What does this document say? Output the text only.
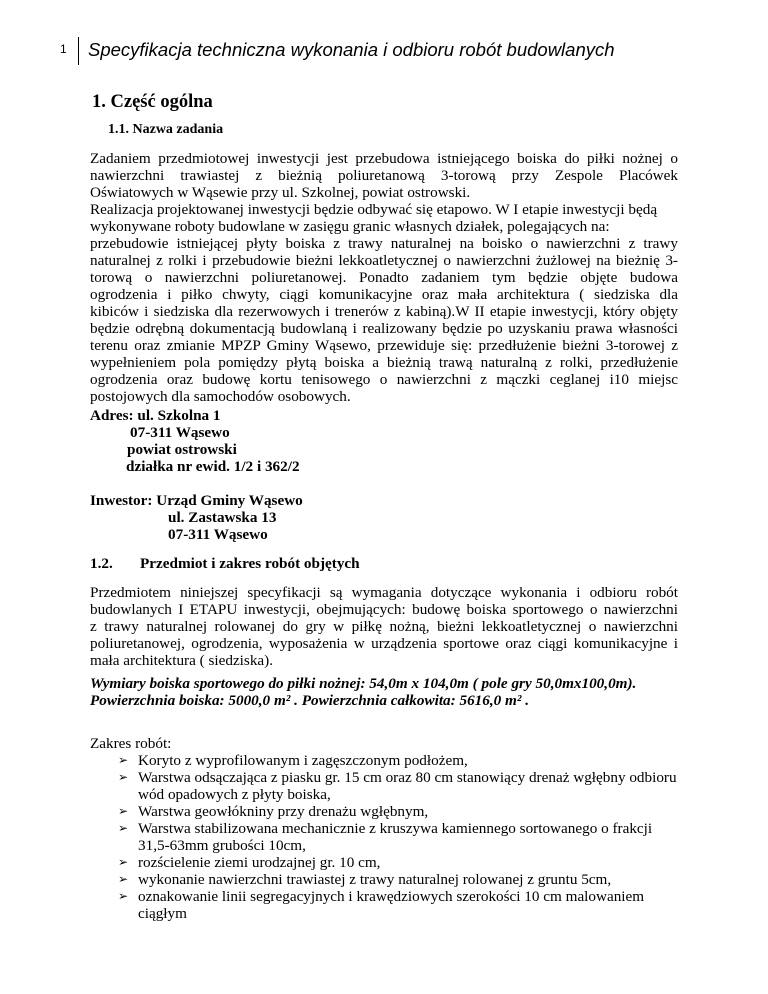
1 Specyfikacja techniczna wykonania i odbioru robót budowlanych
1. Część ogólna
1.1. Nazwa zadania
Zadaniem przedmiotowej inwestycji jest przebudowa istniejącego boiska do piłki nożnej o
nawierzchni trawiastej z bieżnią poliuretanową 3-torową przy Zespole Placówek
Oświatowych w Wąsewie przy ul. Szkolnej, powiat ostrowski.
Realizacja projektowanej inwestycji będzie odbywać się etapowo. W I etapie inwestycji będą
wykonywane roboty budowlane w zasięgu granic własnych działek, polegających na:
przebudowie istniejącej płyty boiska z trawy naturalnej na boisko o nawierzchni z trawy
naturalnej z rolki i przebudowie bieżni lekkoatletycznej o nawierzchni żużlowej na bieżnię 3-
torową o nawierzchni poliuretanowej. Ponadto zadaniem tym będzie objęte budowa
ogrodzenia i piłko chwyty, ciągi komunikacyjne oraz mała architektura ( siedziska dla
kibiców i siedziska dla rezerwowych i trenerów z kabiną).W II etapie inwestycji, który objęty
będzie odrębną dokumentacją budowlaną i realizowany będzie po uzyskaniu prawa własności
terenu oraz zmianie MPZP Gminy Wąsewo, przewiduje się: przedłużenie bieżni 3-torowej z
wypełnieniem pola pomiędzy płytą boiska a bieżnią trawą naturalną z rolki, przedłużenie
ogrodzenia oraz budowę kortu tenisowego o nawierzchni z mączki ceglanej i10 miejsc
postojowych dla samochodów osobowych.
Adres: ul. Szkolna 1
07-311 Wąsewo
powiat ostrowski
działka nr ewid. 1/2 i 362/2
Inwestor: Urząd Gminy Wąsewo
ul. Zastawska 13
07-311 Wąsewo
1.2. Przedmiot i zakres robót objętych
Przedmiotem niniejszej specyfikacji są wymagania dotyczące wykonania i odbioru robót
budowlanych I ETAPU inwestycji, obejmujących: budowę boiska sportowego o nawierzchni
z trawy naturalnej rolowanej do gry w piłkę nożną, bieżni lekkoatletycznej o nawierzchni
poliuretanowej, ogrodzenia, wyposażenia w urządzenia sportowe oraz ciągi komunikacyjne i
mała architektura ( siedziska).
Wymiary boiska sportowego do piłki nożnej: 54,0m x 104,0m ( pole gry 50,0mx100,0m).
Powierzchnia boiska: 5000,0 m² . Powierzchnia całkowita: 5616,0 m² .
Zakres robót:
➢ Koryto z wyprofilowanym i zagęszczonym podłożem,
➢ Warstwa odsączająca z piasku gr. 15 cm oraz 80 cm stanowiący drenaż wgłębny odbioru wód opadowych z płyty boiska,
➢ Warstwa geowłókniny przy drenażu wgłębnym,
➢ Warstwa stabilizowana mechanicznie z kruszywa kamiennego sortowanego o frakcji 31,5-63mm grubości 10cm,
➢ rozścielenie ziemi urodzajnej gr. 10 cm,
➢ wykonanie nawierzchni trawiastej z trawy naturalnej rolowanej z gruntu 5cm,
➢ oznakowanie linii segregacyjnych i krawędziowych szerokości 10 cm malowaniem ciągłym
